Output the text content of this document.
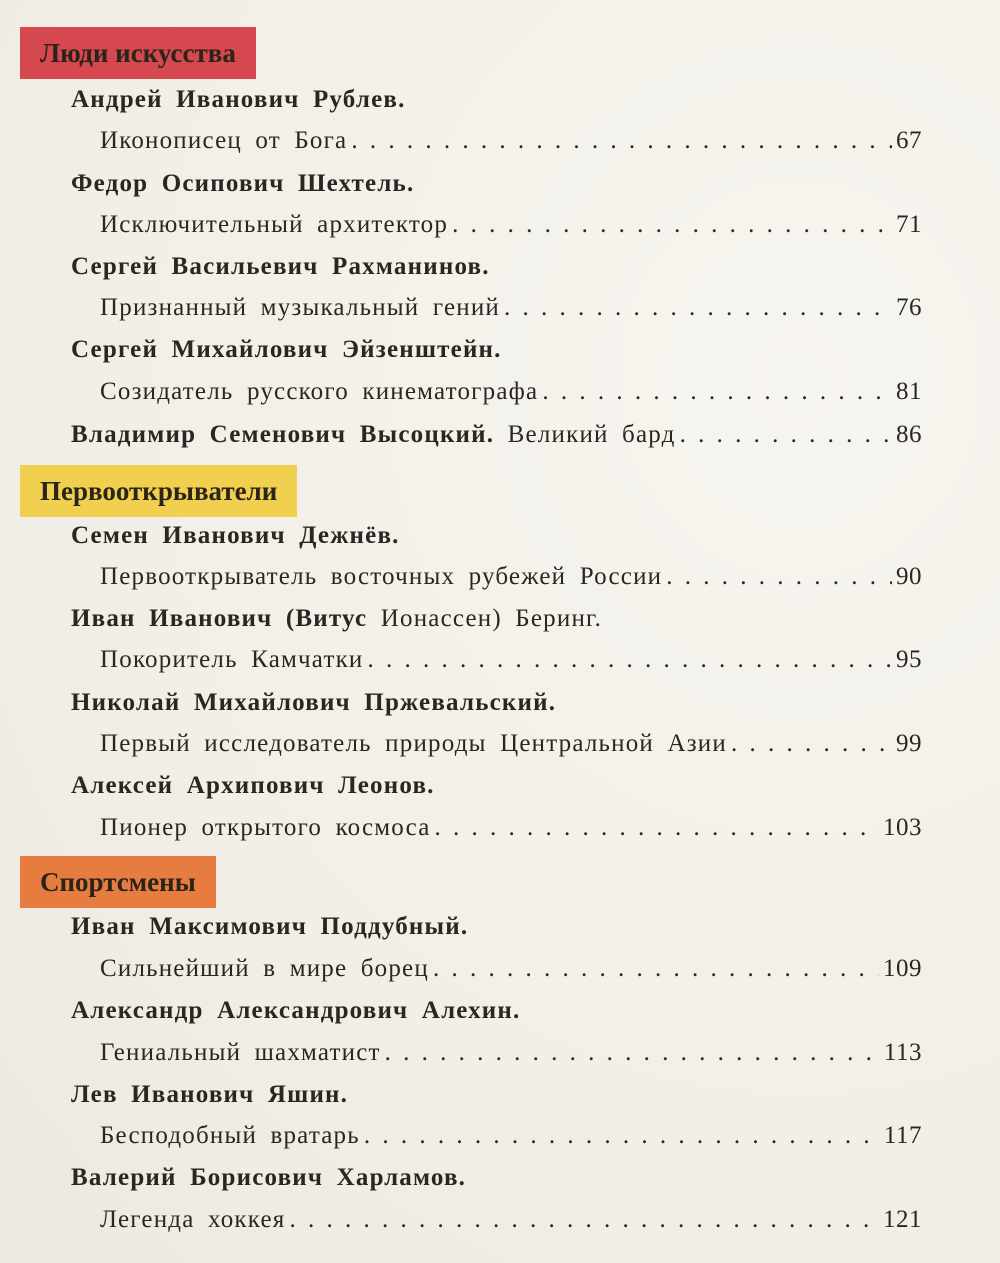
Люди искусства
Андрей Иванович Рублев.
Иконописец от Бога . . .	67
Федор Осипович Шехтель.
Исключительный архитектор . . .	71
Сергей Васильевич Рахманинов.
Признанный музыкальный гений . . .	76
Сергей Михайлович Эйзенштейн.
Созидатель русского кинематографа . . .	81
Владимир Семенович Высоцкий. Великий бард . . .	86
Первооткрыватели
Семен Иванович Дежнёв.
Первооткрыватель восточных рубежей России . . .	90
Иван Иванович (Витус Ионассен) Беринг.
Покоритель Камчатки . . .	95
Николай Михайлович Пржевальский.
Первый исследователь природы Центральной Азии . . .	99
Алексей Архипович Леонов.
Пионер открытого космоса . . .	103
Спортсмены
Иван Максимович Поддубный.
Сильнейший в мире борец . . .	109
Александр Александрович Алехин.
Гениальный шахматист . . .	113
Лев Иванович Яшин.
Бесподобный вратарь . . .	117
Валерий Борисович Харламов.
Легенда хоккея . . .	121
